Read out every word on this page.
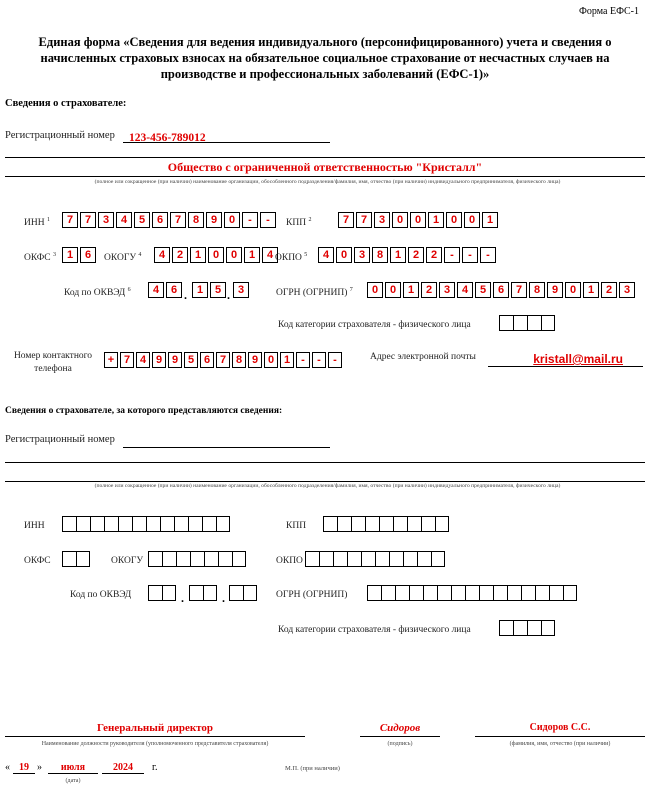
Форма ЕФС-1
Единая форма «Сведения для ведения индивидуального (персонифицированного) учета и сведения о начисленных страховых взносах на обязательное социальное страхование от несчастных случаев на производстве и профессиональных заболеваний (ЕФС-1)»
Сведения о страхователе:
Регистрационный номер	123-456-789012
Общество с ограниченной ответственностью "Кристалл"
(полное или сокращенное (при наличии) наименование организации, обособленного подразделения/фамилия, имя, отчество (при наличии) индивидуального предпринимателя, физического лица)
ИНН $^1$	7	7	3	4	5	6	7	8	9	0	-	-	КПП $^2$	7	7	3	0	0	1	0	0	1
ОКФС $^3$ 1	6	ОКОГУ $^4$	4	2	1	0	0	1	4 ОКПО $^5$	4	0	3	8	1	2	2	-	-	-
Код по ОКВЭД $^6$	4	6 . 1	5 . 3	ОГРН (ОГРНИП) $^7$	0	0	1	2	3	4	5	6	7	8	9	0	1	2	3
Код категории страхователя - физического лица
Номер контактного телефона
+ 7 4 9 9 5 6 7 8 9 0 1	-	-	-	Адрес электронной почты	kristall@mail.ru
Сведения о страхователе, за которого представляются сведения:
Регистрационный номер
(полное или сокращенное (при наличии) наименование организации, обособленного подразделения/фамилия, имя, отчество (при наличии) индивидуального предпринимателя, физического лица)
ИНН	КПП
ОКФС	ОКОГУ	ОКПО
Код по ОКВЭД	.	.	ОГРН (ОГРНИП)
Код категории страхователя - физического лица
Генеральный директор
Наименование должности руководителя (уполномоченного представителя страхователя)
Сидоров
(подпись)
Сидоров С.С.
(фамилия, имя, отчество (при наличии)
« 19 »	июля	2024	г.
(дата)
М.П. (при наличии)
